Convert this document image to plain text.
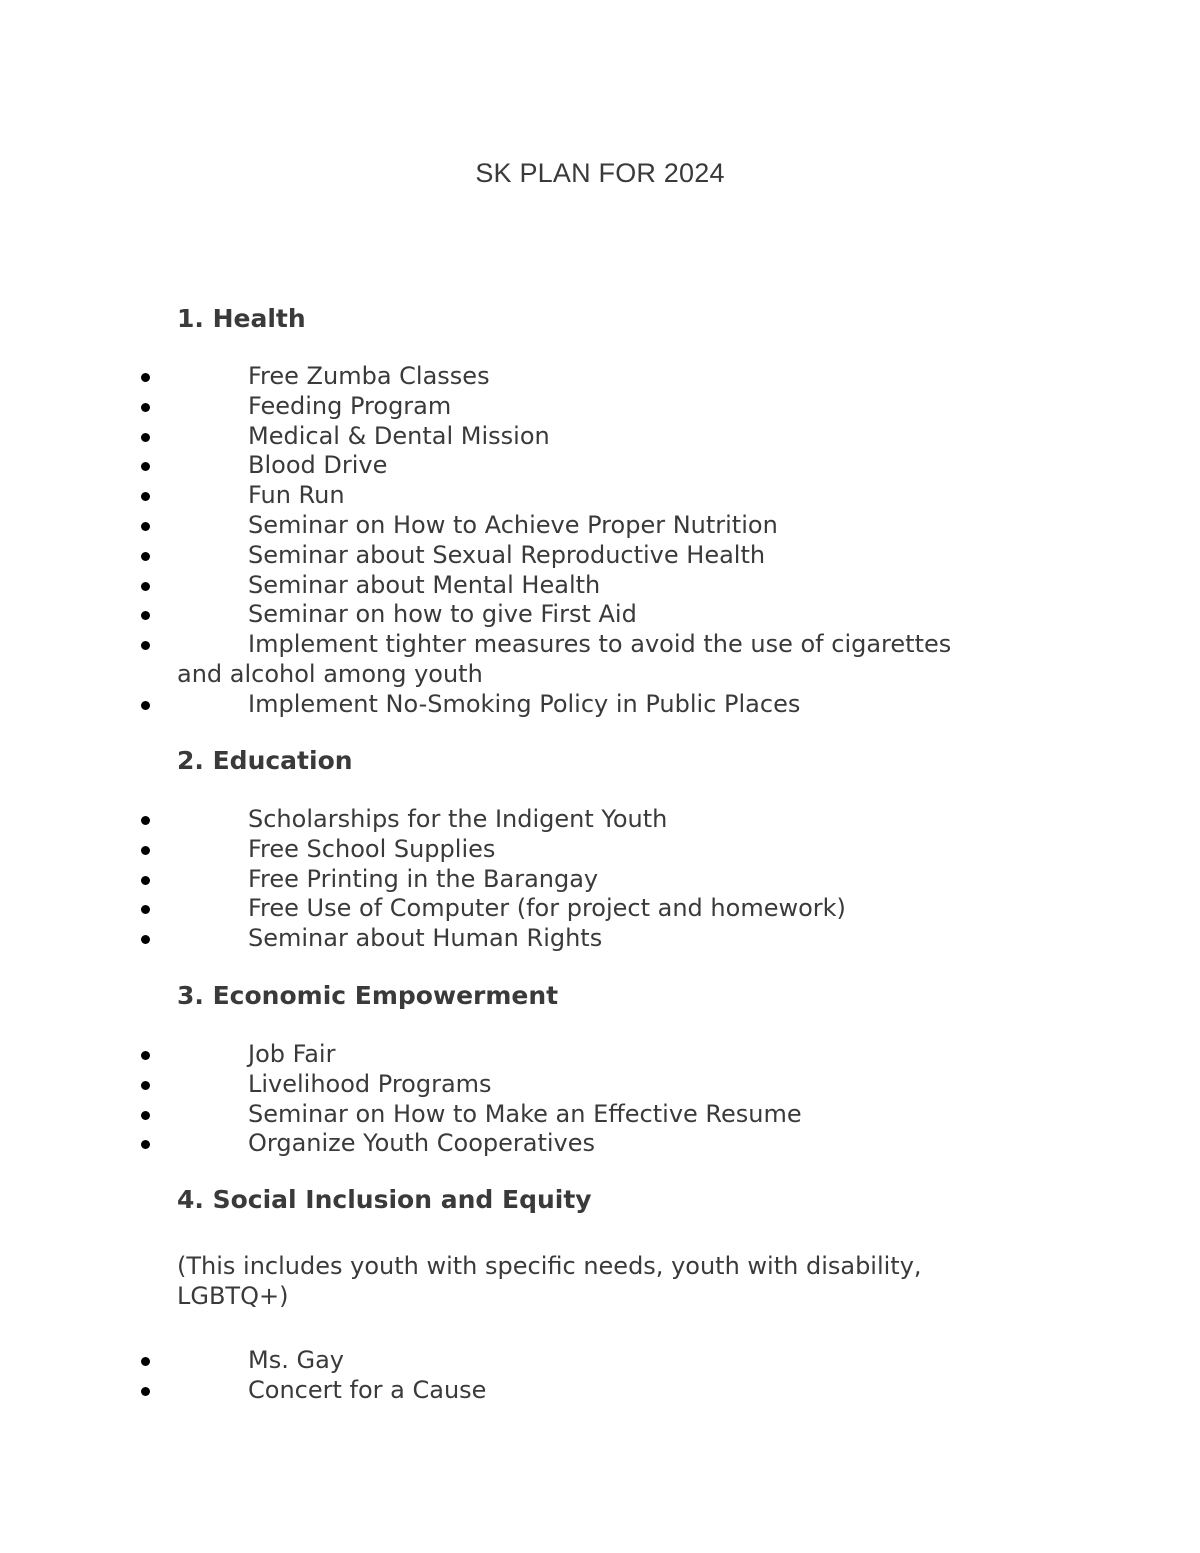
SK PLAN FOR 2024
1. Health
Free Zumba Classes
Feeding Program
Medical & Dental Mission
Blood Drive
Fun Run
Seminar on How to Achieve Proper Nutrition
Seminar about Sexual Reproductive Health
Seminar about Mental Health
Seminar on how to give First Aid
Implement tighter measures to avoid the use of cigarettes
and alcohol among youth
Implement No-Smoking Policy in Public Places
2. Education
Scholarships for the Indigent Youth
Free School Supplies
Free Printing in the Barangay
Free Use of Computer (for project and homework)
Seminar about Human Rights
3. Economic Empowerment
Job Fair
Livelihood Programs
Seminar on How to Make an Effective Resume
Organize Youth Cooperatives
4. Social Inclusion and Equity

(This includes youth with specific needs, youth with disability,
LGBTQ+)

Ms. Gay
Concert for a Cause
